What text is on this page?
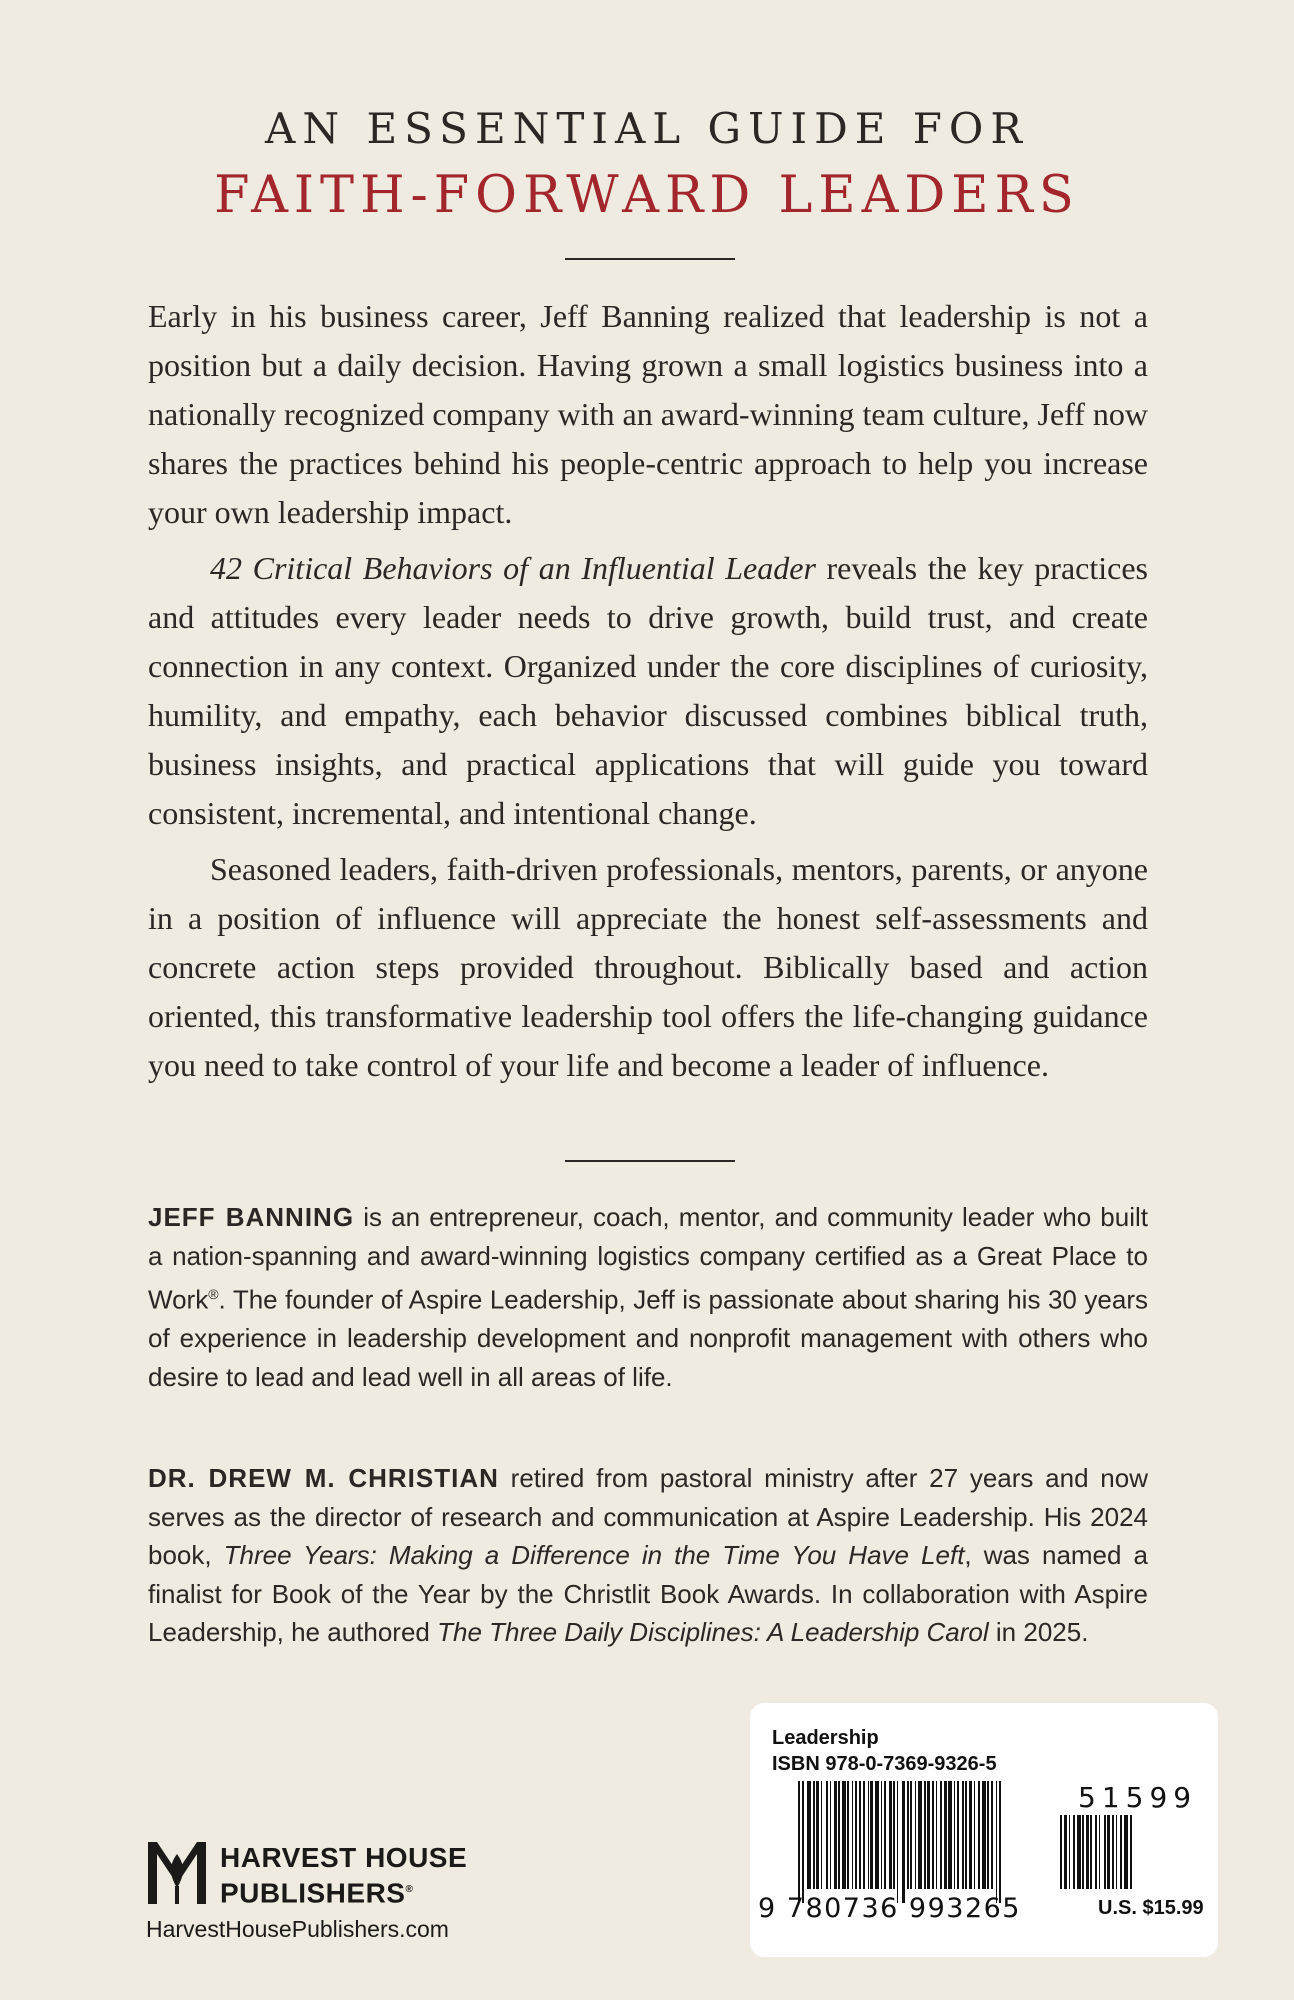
AN ESSENTIAL GUIDE FOR
FAITH-FORWARD LEADERS

Early in his business career, Jeff Banning realized that leadership is not a position but a daily decision. Having grown a small logistics business into a nationally recognized company with an award-winning team culture, Jeff now shares the practices behind his people-centric approach to help you increase your own leadership impact.

42 Critical Behaviors of an Influential Leader reveals the key practices and attitudes every leader needs to drive growth, build trust, and create connection in any context. Organized under the core disciplines of curiosity, humility, and empathy, each behavior discussed combines biblical truth, business insights, and practical applications that will guide you toward consistent, incremental, and intentional change.

Seasoned leaders, faith-driven professionals, mentors, parents, or anyone in a position of influence will appreciate the honest self-assessments and concrete action steps provided throughout. Biblically based and action oriented, this transformative leadership tool offers the life-changing guidance you need to take control of your life and become a leader of influence.

JEFF BANNING is an entrepreneur, coach, mentor, and community leader who built a nation-spanning and award-winning logistics company certified as a Great Place to Work®. The founder of Aspire Leadership, Jeff is passionate about sharing his 30 years of experience in leadership development and nonprofit management with others who desire to lead and lead well in all areas of life.

DR. DREW M. CHRISTIAN retired from pastoral ministry after 27 years and now serves as the director of research and communication at Aspire Leadership. His 2024 book, Three Years: Making a Difference in the Time You Have Left, was named a finalist for Book of the Year by the Christlit Book Awards. In collaboration with Aspire Leadership, he authored The Three Daily Disciplines: A Leadership Carol in 2025.

HARVEST HOUSE
PUBLISHERS®
HarvestHousePublishers.com
Leadership
ISBN 978-0-7369-9326-5
51599
9 780736 993265	U.S. $15.99
